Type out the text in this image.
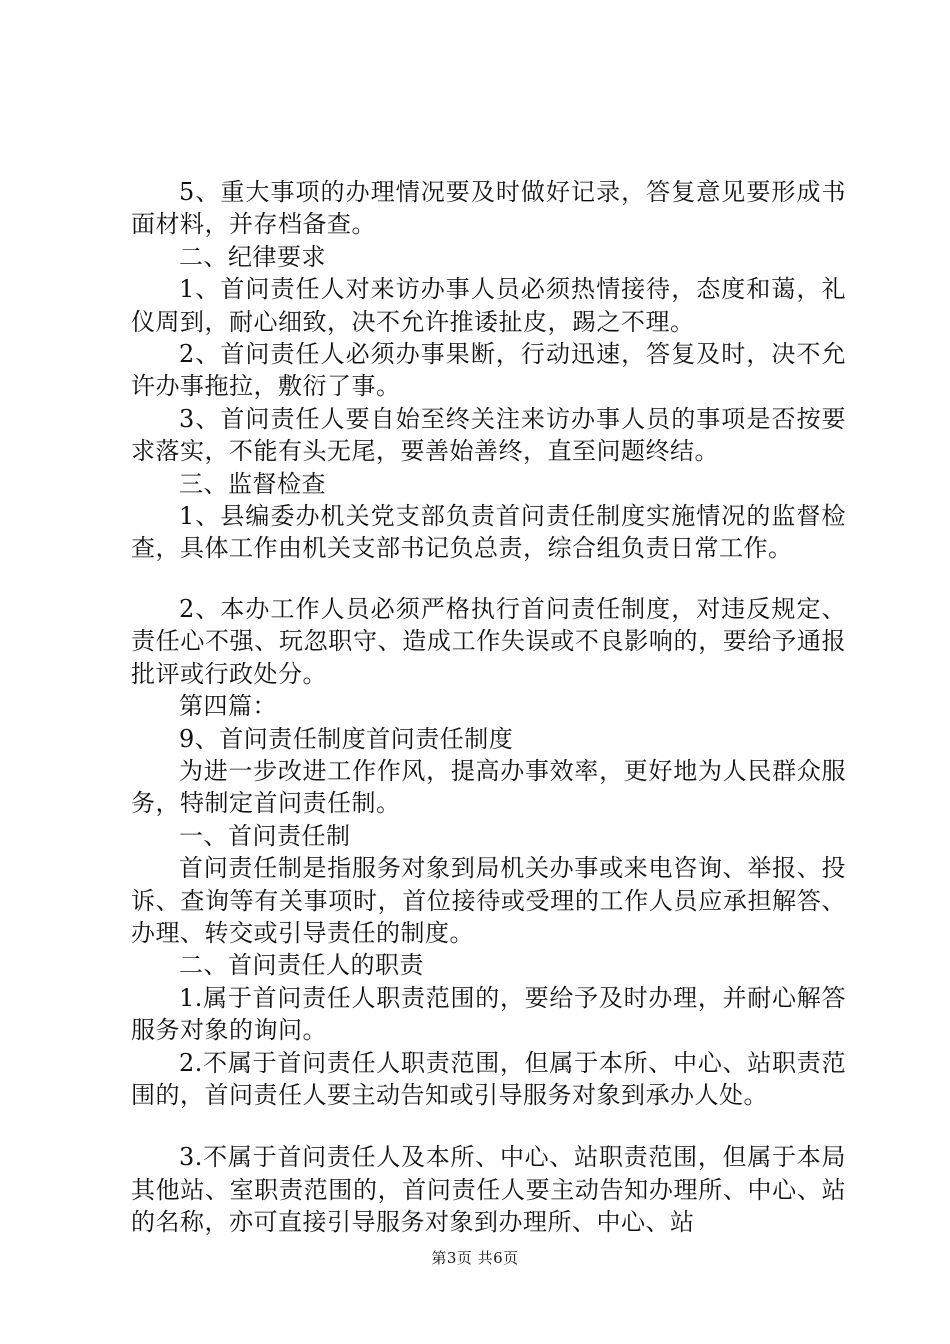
5、重大事项的办理情况要及时做好记录，答复意见要形成书面材料，并存档备查。

二、纪律要求

1、首问责任人对来访办事人员必须热情接待，态度和蔼，礼仪周到，耐心细致，决不允许推诿扯皮，踢之不理。

2、首问责任人必须办事果断，行动迅速，答复及时，决不允许办事拖拉，敷衍了事。

3、首问责任人要自始至终关注来访办事人员的事项是否按要求落实，不能有头无尾，要善始善终，直至问题终结。

三、监督检查

1、县编委办机关党支部负责首问责任制度实施情况的监督检查，具体工作由机关支部书记负总责，综合组负责日常工作。

2、本办工作人员必须严格执行首问责任制度，对违反规定、责任心不强、玩忽职守、造成工作失误或不良影响的，要给予通报批评或行政处分。

第四篇：

9、首问责任制度首问责任制度

为进一步改进工作作风，提高办事效率，更好地为人民群众服务，特制定首问责任制。

一、首问责任制

首问责任制是指服务对象到局机关办事或来电咨询、举报、投诉、查询等有关事项时，首位接待或受理的工作人员应承担解答、办理、转交或引导责任的制度。

二、首问责任人的职责

1.属于首问责任人职责范围的，要给予及时办理，并耐心解答服务对象的询问。

2.不属于首问责任人职责范围，但属于本所、中心、站职责范围的，首问责任人要主动告知或引导服务对象到承办人处。

3.不属于首问责任人及本所、中心、站职责范围，但属于本局其他站、室职责范围的，首问责任人要主动告知办理所、中心、站的名称，亦可直接引导服务对象到办理所、中心、站

第3页 共6页
